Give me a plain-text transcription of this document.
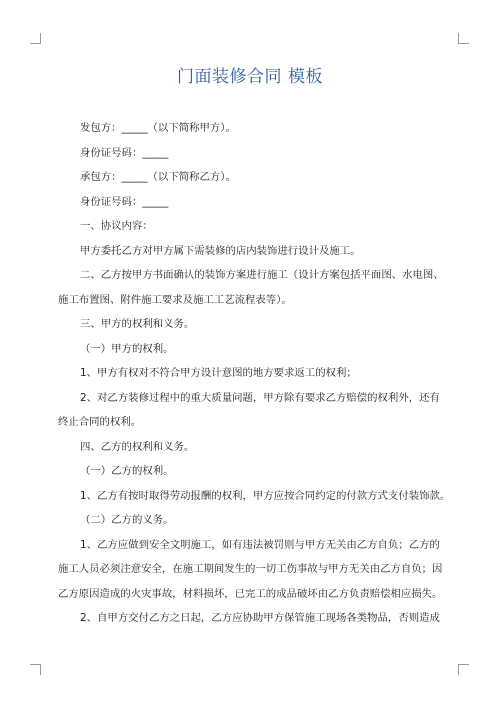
门面装修合同 模板

发包方：_____（以下简称甲方）。

身份证号码：_____

承包方：_____（以下简称乙方）。

身份证号码：_____

一、协议内容：

甲方委托乙方对甲方属下需装修的店内装饰进行设计及施工。

二、乙方按甲方书面确认的装饰方案进行施工（设计方案包括平面图、水电图、

施工布置图、附件施工要求及施工工艺流程表等）。

三、甲方的权利和义务。

（一）甲方的权利。

1、甲方有权对不符合甲方设计意图的地方要求返工的权利；

2、对乙方装修过程中的重大质量问题，甲方除有要求乙方赔偿的权利外，还有

终止合同的权利。

四、乙方的权利和义务。

（一）乙方的权利。

1、乙方有按时取得劳动报酬的权利，甲方应按合同约定的付款方式支付装饰款。

（二）乙方的义务。

1、乙方应做到安全文明施工，如有违法被罚则与甲方无关由乙方自负；乙方的

施工人员必须注意安全，在施工期间发生的一切工伤事故与甲方无关由乙方自负；因

乙方原因造成的火灾事故，材料损坏，已完工的成品破坏由乙方负责赔偿相应损失。

2、自甲方交付乙方之日起，乙方应协助甲方保管施工现场各类物品，否则造成
